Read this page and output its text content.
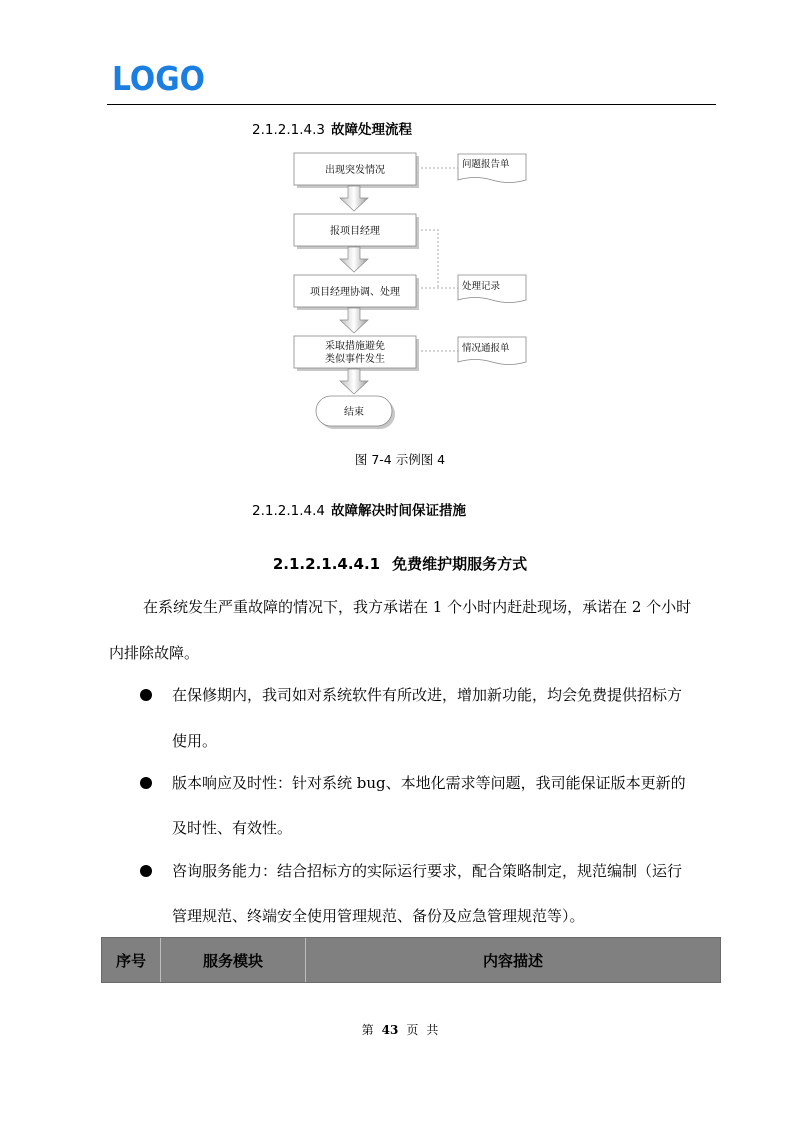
LOGO
2.1.2.1.4.3 故障处理流程
出现突发情况
报项目经理
项目经理协调、处理
采取措施避免
类似事件发生
结束
问题报告单
处理记录
情况通报单
图 7-4 示例图 4
2.1.2.1.4.4 故障解决时间保证措施
2.1.2.1.4.4.1 免费维护期服务方式
在系统发生严重故障的情况下，我方承诺在 1 个小时内赶赴现场，承诺在 2 个小时
内排除故障。
在保修期内，我司如对系统软件有所改进，增加新功能，均会免费提供招标方
使用。
版本响应及时性：针对系统 bug、本地化需求等问题，我司能保证版本更新的
及时性、有效性。
咨询服务能力：结合招标方的实际运行要求，配合策略制定，规范编制（运行
管理规范、终端安全使用管理规范、备份及应急管理规范等）。
序号	服务模块	内容描述
第 43 页 共
